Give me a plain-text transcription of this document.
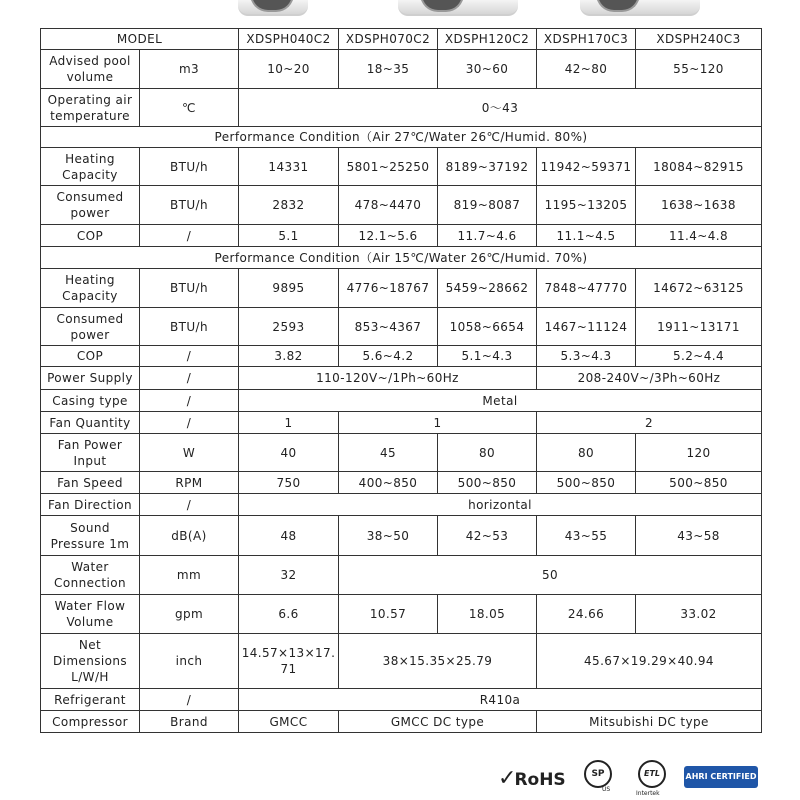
MODEL		XDSPH040C2	XDSPH070C2	XDSPH120C2	XDSPH170C3	XDSPH240C3
Advised pool volume	m3	10~20	18~35	30~60	42~80	55~120
Operating air temperature	℃	0～43				
Performance Condition（Air 27℃/Water 26℃/Humid. 80%)						
Heating Capacity	BTU/h	14331	5801~25250	8189~37192	11942~59371	18084~82915
Consumed power	BTU/h	2832	478~4470	819~8087	1195~13205	1638~1638
COP	/	5.1	12.1~5.6	11.7~4.6	11.1~4.5	11.4~4.8
Performance Condition（Air 15℃/Water 26℃/Humid. 70%)						
Heating Capacity	BTU/h	9895	4776~18767	5459~28662	7848~47770	14672~63125
Consumed power	BTU/h	2593	853~4367	1058~6654	1467~11124	1911~13171
COP	/	3.82	5.6~4.2	5.1~4.3	5.3~4.3	5.2~4.4
Power Supply	/	110-120V~/1Ph~60Hz			208-240V~/3Ph~60Hz	
Casing type	/	Metal				
Fan Quantity	/	1	1		2	
Fan Power Input	W	40	45	80	80	120
Fan Speed	RPM	750	400~850	500~850	500~850	500~850
Fan Direction	/	horizontal				
Sound Pressure 1m	dB(A)	48	38~50	42~53	43~55	43~58
Water Connection	mm	32	50			
Water Flow Volume	gpm	6.6	10.57	18.05	24.66	33.02
Net Dimensions L/W/H	inch	14.57×13×17.71	38×15.35×25.79		45.67×19.29×40.94	
Refrigerant	/	R410a				
Compressor	Brand	GMCC	GMCC DC type		Mitsubishi DC type	
✓RoHS	SP
US
ETL
Intertek
AHRI CERTIFIED
